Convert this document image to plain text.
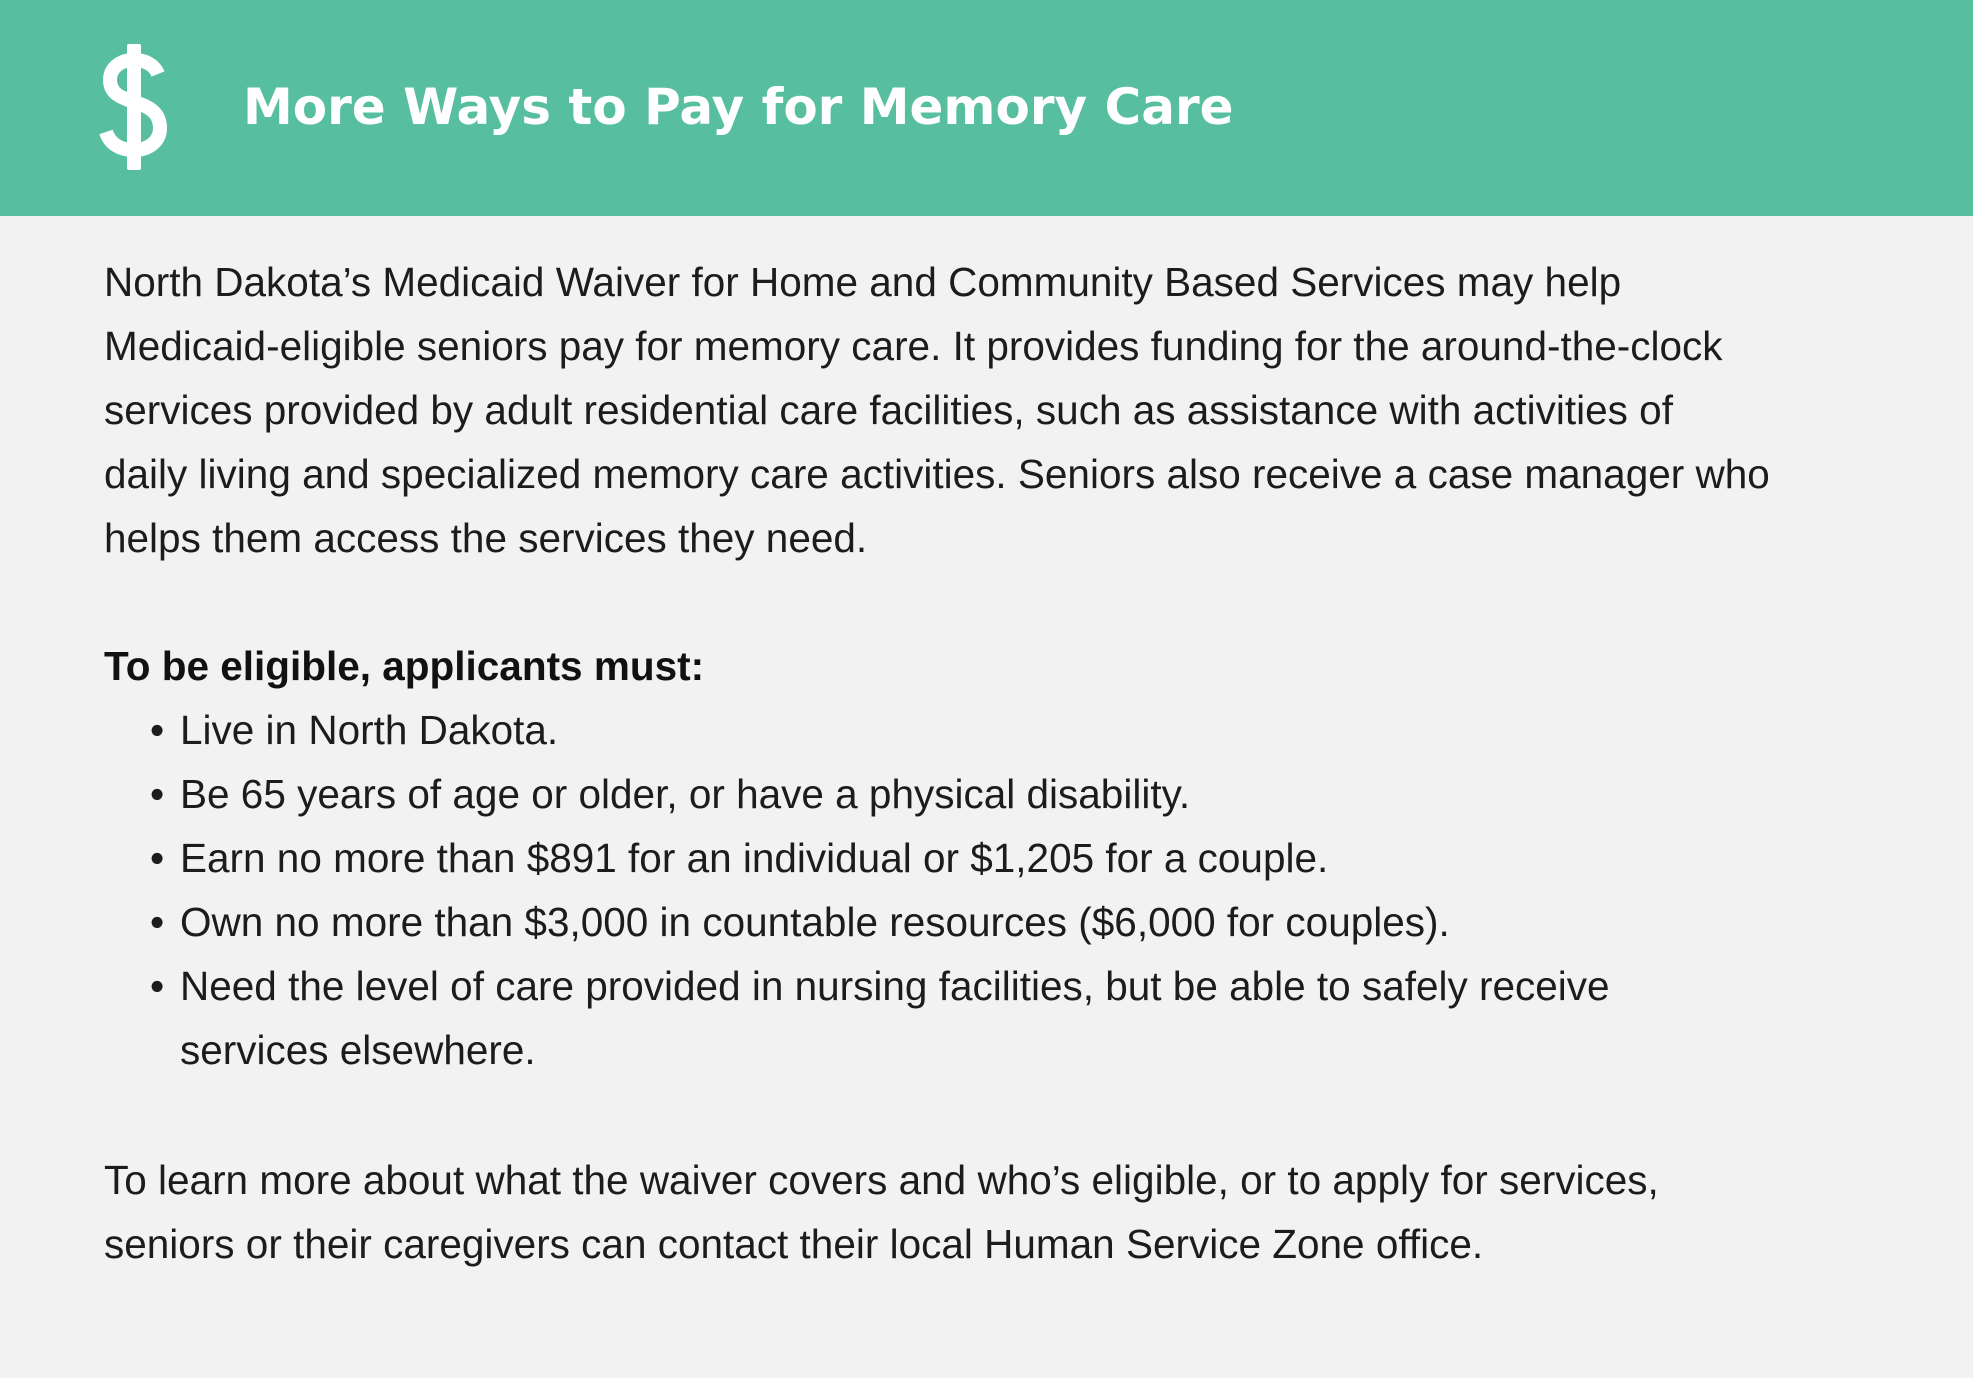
More Ways to Pay for Memory Care

North Dakota’s Medicaid Waiver for Home and Community Based Services may help
Medicaid-eligible seniors pay for memory care. It provides funding for the around-the-clock
services provided by adult residential care facilities, such as assistance with activities of
daily living and specialized memory care activities. Seniors also receive a case manager who
helps them access the services they need.

To be eligible, applicants must:

• Live in North Dakota.
• Be 65 years of age or older, or have a physical disability.
• Earn no more than $891 for an individual or $1,205 for a couple.
• Own no more than $3,000 in countable resources ($6,000 for couples).
• Need the level of care provided in nursing facilities, but be able to safely receive
services elsewhere.

To learn more about what the waiver covers and who’s eligible, or to apply for services,
seniors or their caregivers can contact their local Human Service Zone office.
